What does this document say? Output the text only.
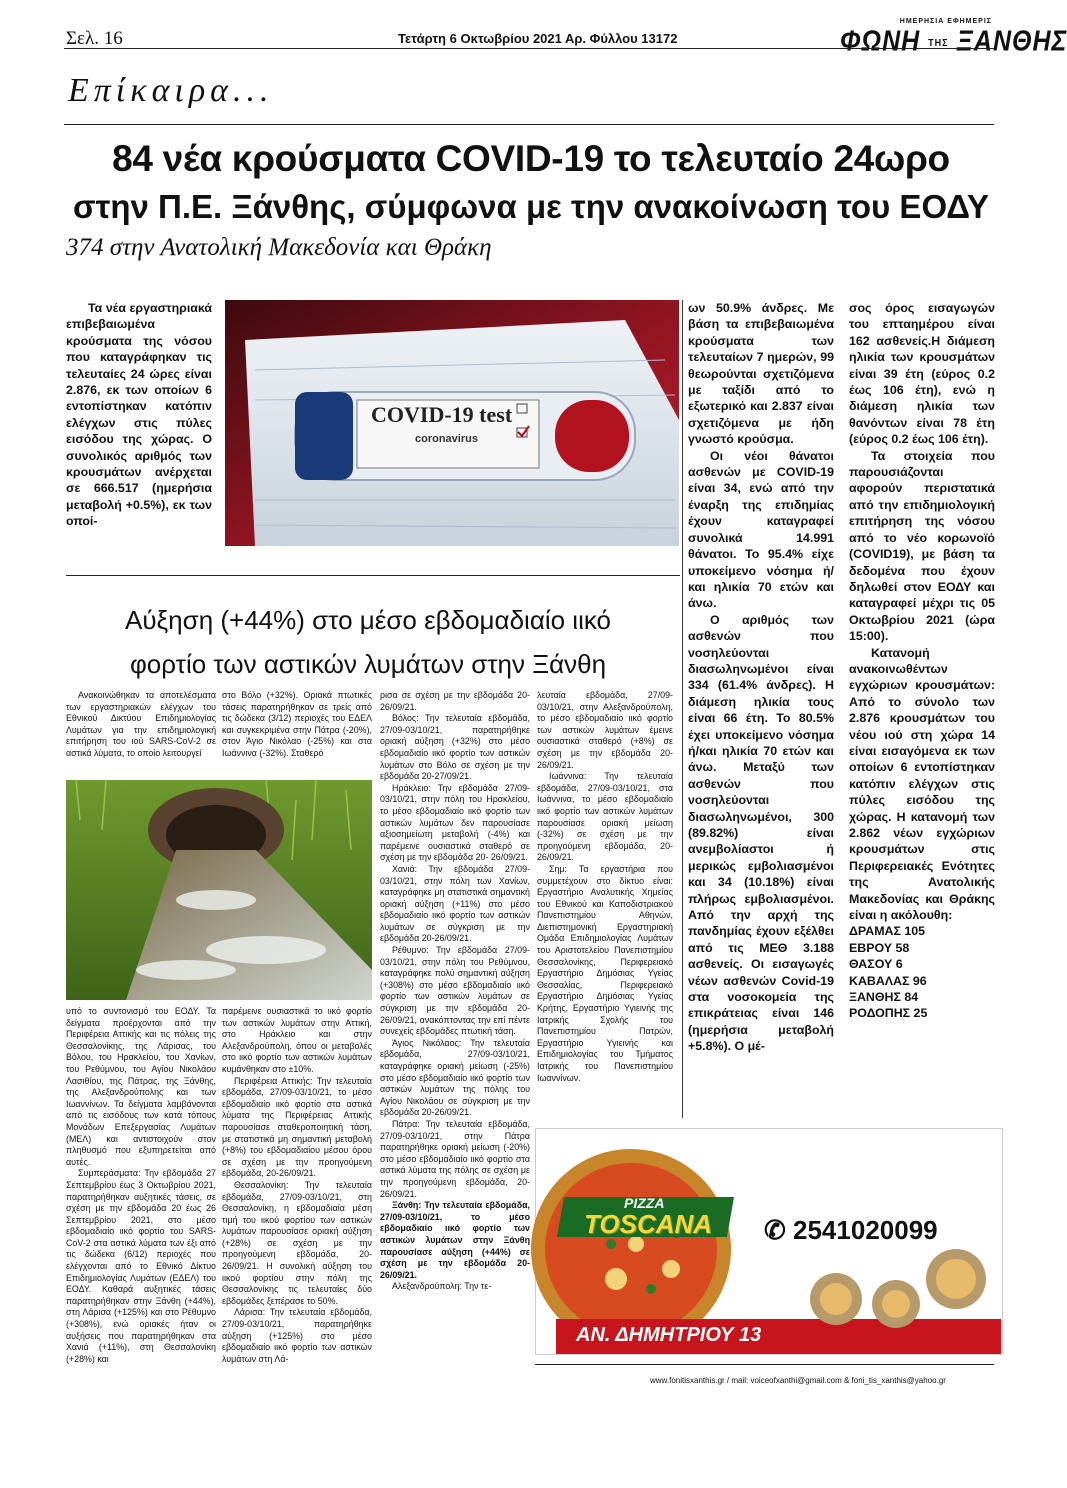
Σελ. 16	Τετάρτη 6 Οκτωβρίου 2021 Αρ. Φύλλου 13172
ΗΜΕΡΗΣΙΑ ΕΦΗΜΕΡΙΣ
ΦΩΝΗ ΤΗΣ ΞΑΝΘΗΣ
Επίκαιρα...
84 νέα κρούσματα COVID-19 το τελευταίο 24ωρο
στην Π.Ε. Ξάνθης, σύμφωνα με την ανακοίνωση του ΕΟΔΥ
374 στην Ανατολική Μακεδονία και Θράκη

Τα νέα εργαστηριακά επιβεβαιωμένα κρούσματα της νόσου που καταγράφηκαν τις τελευταίες 24 ώρες είναι 2.876, εκ των οποίων 6 εντοπίστηκαν κατόπιν ελέγχων στις πύλες εισόδου της χώρας. Ο συνολικός αριθμός των κρουσμάτων ανέρχεται σε 666.517 (ημερήσια μεταβολή +0.5%), εκ των οποί-

COVID-19 test
coronavirus

ων 50.9% άνδρες. Με βάση τα επιβεβαιωμένα κρούσματα των τελευταίων 7 ημερών, 99 θεωρούνται σχετιζόμενα με ταξίδι από το εξωτερικό και 2.837 είναι σχετιζόμενα με ήδη γνωστό κρούσμα.

Οι νέοι θάνατοι ασθενών με COVID-19 είναι 34, ενώ από την έναρξη της επιδημίας έχουν καταγραφεί συνολικά 14.991 θάνατοι. Το 95.4% είχε υποκείμενο νόσημα ή/και ηλικία 70 ετών και άνω.

Ο αριθμός των ασθενών που νοσηλεύονται διασωληνωμένοι είναι 334 (61.4% άνδρες). Η διάμεση ηλικία τους είναι 66 έτη. Το 80.5% έχει υποκείμενο νόσημα ή/και ηλικία 70 ετών και άνω. Μεταξύ των ασθενών που νοσηλεύονται διασωληνωμένοι, 300 (89.82%) είναι ανεμβολίαστοι ή μερικώς εμβολιασμένοι και 34 (10.18%) είναι πλήρως εμβολιασμένοι. Από την αρχή της πανδημίας έχουν εξέλθει από τις ΜΕΘ 3.188 ασθενείς. Οι εισαγωγές νέων ασθενών Covid-19 στα νοσοκομεία της επικράτειας είναι 146 (ημερήσια μεταβολή +5.8%). Ο μέ-

σος όρος εισαγωγών του επταημέρου είναι 162 ασθενείς.Η διάμεση ηλικία των κρουσμάτων είναι 39 έτη (εύρος 0.2 έως 106 έτη), ενώ η διάμεση ηλικία των θανόντων είναι 78 έτη (εύρος 0.2 έως 106 έτη).

Τα στοιχεία που παρουσιάζονται αφορούν περιστατικά από την επιδημιολογική επιτήρηση της νόσου από το νέο κορωνοϊό (COVID19), με βάση τα δεδομένα που έχουν δηλωθεί στον ΕΟΔΥ και καταγραφεί μέχρι τις 05 Οκτωβρίου 2021 (ώρα 15:00).

Κατανομή ανακοινωθέντων εγχώριων κρουσμάτων: Από το σύνολο των 2.876 κρουσμάτων του νέου ιού στη χώρα 14 είναι εισαγόμενα εκ των οποίων 6 εντοπίστηκαν κατόπιν ελέγχων στις πύλες εισόδου της χώρας. Η κατανομή των 2.862 νέων εγχώριων κρουσμάτων στις Περιφερειακές Ενότητες της Ανατολικής Μακεδονίας και Θράκης είναι η ακόλουθη:

ΔΡΑΜΑΣ 105
ΕΒΡΟΥ 58
ΘΑΣΟΥ 6
ΚΑΒΑΛΑΣ 96
ΞΑΝΘΗΣ 84
ΡΟΔΟΠΗΣ 25
Αύξηση (+44%) στο μέσο εβδομαδιαίο ιικό
φορτίο των αστικών λυμάτων στην Ξάνθη

Ανακοινώθηκαν τα αποτελέσματα των εργαστηριακών ελέγχων του Εθνικού Δικτύου Επιδημιολογίας Λυμάτων για την επιδημιολογική επιτήρηση του ιού SARS-CoV-2 σε αστικά λύματα, το οποίο λειτουργεί

στο Βόλο (+32%). Οριακά πτωτικές τάσεις παρατηρήθηκαν σε τρείς από τις δώδεκα (3/12) περιοχές του ΕΔΕΛ και συγκεκριμένα στην Πάτρα (-20%), στον Άγιο Νικόλαο (-25%) και στα Ιωάννινα (-32%). Σταθερό

υπό το συντονισμό του ΕΟΔΥ. Τα δείγματα προέρχονται από την Περιφέρεια Αττικής και τις πόλεις της Θεσσαλονίκης, της Λάρισας, του Βόλου, του Ηρακλείου, του Χανίων, του Ρεθύμνου, του Αγίου Νικολάου Λασιθίου, της Πάτρας, της Ξάνθης, της Αλεξανδρούπολης και των Ιωαννίνων. Τα δείγματα λαμβάνονται από τις εισόδους των κατά τόπους Μονάδων Επεξεργασίας Λυμάτων (ΜΕΛ) και αντιστοιχούν στον πληθυσμό που εξυπηρετείται από αυτές.

Συμπεράσματα: Την εβδομάδα 27 Σεπτεμβρίου έως 3 Οκτωβρίου 2021, παρατηρήθηκαν αυξητικές τάσεις, σε σχέση με την εβδομάδα 20 έως 26 Σεπτεμβρίου 2021, στο μέσο εβδομαδιαίο ιικό φορτίο του SARS-CoV-2 στα αστικά λύματα των έξι από τις δώδεκα (6/12) περιοχές που ελέγχονται από το Εθνικό Δίκτυο Επιδημιολογίας Λυμάτων (ΕΔΕΛ) του ΕΟΔΥ. Καθαρά αυξητικές τάσεις παρατηρήθηκαν στην Ξάνθη (+44%), στη Λάρισα (+125%) και στο Ρέθυμνο (+308%), ενώ οριακές ήταν οι αυξήσεις που παρατηρήθηκαν στα Χανιά (+11%), στη Θεσσαλονίκη (+28%) και

παρέμεινε ουσιαστικά το ιικό φορτίο των αστικών λυμάτων στην Αττική, στο Ηράκλειο και στην Αλεξανδρούπολη, όπου οι μεταβολές στο ιικό φορτίο των αστικών λυμάτων κυμάνθηκαν στο ±10%.

Περιφέρεια Αττικής: Την τελευταία εβδομάδα, 27/09-03/10/21, το μέσο εβδομαδιαίο ιικό φορτίο στα αστικά λύματα της Περιφέρειας Αττικής παρουσίασε σταθεροποιητική τάση, με στατιστικά μη σημαντική μεταβολή (+8%) του εβδομαδιαίου μέσου όρου σε σχέση με την προηγούμενη εβδομάδα, 20-26/09/21.

Θεσσαλονίκη: Την τελευταία εβδομάδα, 27/09-03/10/21, στη Θεσσαλονίκη, η εβδομαδιαία μέση τιμή του ιικού φορτίου των αστικών λυμάτων παρουσίασε οριακή αύξηση (+28%) σε σχέση με την προηγούμενη εβδομάδα, 20-26/09/21. Η συνολική αύξηση του ιικού φορτίου στην πόλη της Θεσσαλονίκης τις τελευταίες δύο εβδομάδες ξεπέρασε το 50%.

Λάρισα: Την τελευταία εβδομάδα, 27/09-03/10/21, παρατηρήθηκε αύξηση (+125%) στο μέσο εβδομαδιαίο ιικό φορτίο των αστικών λυμάτων στη Λά-

ρισα σε σχέση με την εβδομάδα 20-26/09/21.

Βόλος: Την τελευταία εβδομάδα, 27/09-03/10/21, παρατηρήθηκε οριακή αύξηση (+32%) στο μέσο εβδομαδιαίο ιικό φορτίο των αστικών λυμάτων στο Βόλο σε σχέση με την εβδομάδα 20-27/09/21.

Ηράκλειο: Την εβδομάδα 27/09-03/10/21, στην πόλη του Ηρακλείου, το μέσο εβδομαδιαίο ιικό φορτίο των αστικών λυμάτων δεν παρουσίασε αξιοσημείωτη μεταβολή (-4%) και παρέμεινε ουσιαστικά σταθερό σε σχέση με την εβδομάδα 20- 26/09/21.

Χανιά: Την εβδομάδα 27/09-03/10/21, στην πόλη των Χανίων, καταγράφηκε μη στατιστικά σημαντική οριακή αύξηση (+11%) στο μέσο εβδομαδιαίο ιικό φορτίο των αστικών λυμάτων σε σύγκριση με την εβδομάδα 20-26/09/21.

Ρέθυμνο: Την εβδομάδα 27/09-03/10/21, στην πόλη του Ρεθύμνου, καταγράφηκε πολύ σημαντική αύξηση (+308%) στο μέσο εβδομαδιαίο ιικό φορτίο των αστικών λυμάτων σε σύγκριση με την εβδομάδα 20-26/09/21, ανακόπτοντας την επί πέντε συνεχείς εβδομάδες πτωτική τάση.

Άγιος Νικόλαος: Την τελευταία εβδομάδα, 27/09-03/10/21, καταγράφηκε οριακή μείωση (-25%) στο μέσο εβδομαδιαίο ιικό φορτίο των αστικών λυμάτων της πόλης του Αγίου Νικολάου σε σύγκριση με την εβδομάδα 20-26/09/21.

Πάτρα: Την τελευταία εβδομάδα, 27/09-03/10/21, στην Πάτρα παρατηρήθηκε οριακή μείωση (-20%) στο μέσο εβδομαδιαίο ιικό φορτίο στα αστικά λύματα της πόλης σε σχέση με την προηγούμενη εβδομάδα, 20-26/09/21.

Ξάνθη: Την τελευταία εβδομάδα, 27/09-03/10/21, το μέσο εβδομαδιαίο ιικό φορτίο των αστικών λυμάτων στην Ξάνθη παρουσίασε αύξηση (+44%) σε σχέση με την εβδομάδα 20-26/09/21.

Αλεξανδρούπολη: Την τε-

λευταία εβδομάδα, 27/09-03/10/21, στην Αλεξανδρούπολη, το μέσο εβδομαδιαίο ιικό φορτίο των αστικών λυμάτων έμεινε ουσιαστικά σταθερό (+8%) σε σχέση με την εβδομάδα 20-26/09/21.

Ιωάννινα: Την τελευταία εβδομάδα, 27/09-03/10/21, στα Ιωάννινα, το μέσο εβδομαδιαίο ιικό φορτίο των αστικών λυμάτων παρουσίασε οριακή μείωση (-32%) σε σχέση με την προηγούμενη εβδομάδα, 20-26/09/21.

Σημ: Τα εργαστήρια που συμμετέχουν στο δίκτυο είναι: Εργαστήριο Αναλυτικής Χημείας του Εθνικού και Καποδιστριακού Πανεπιστημίου Αθηνών, Διεπιστημονική Εργαστηριακή Ομάδα Επιδημιολογίας Λυμάτων του Αριστοτελείου Πανεπιστημίου Θεσσαλονίκης, Περιφερειακό Εργαστήριο Δημόσιας Υγείας Θεσσαλίας, Περιφερειακό Εργαστήριο Δημόσιας Υγείας Κρήτης, Εργαστήριο Υγιεινής της Ιατρικής Σχολής του Πανεπιστημίου Πατρών, Εργαστήριο Υγιεινής και Επιδημιολογίας του Τμήματος Ιατρικής του Πανεπιστημίου Ιωαννίνων.

PIZZA
TOSCANA ✆ 2541020099
ΑΝ. ΔΗΜΗΤΡΙΟΥ 13
www.fonitisxanthis.gr / mail: voiceofxanthi@gmail.com & foni_tis_xanthis@yahoo.gr
